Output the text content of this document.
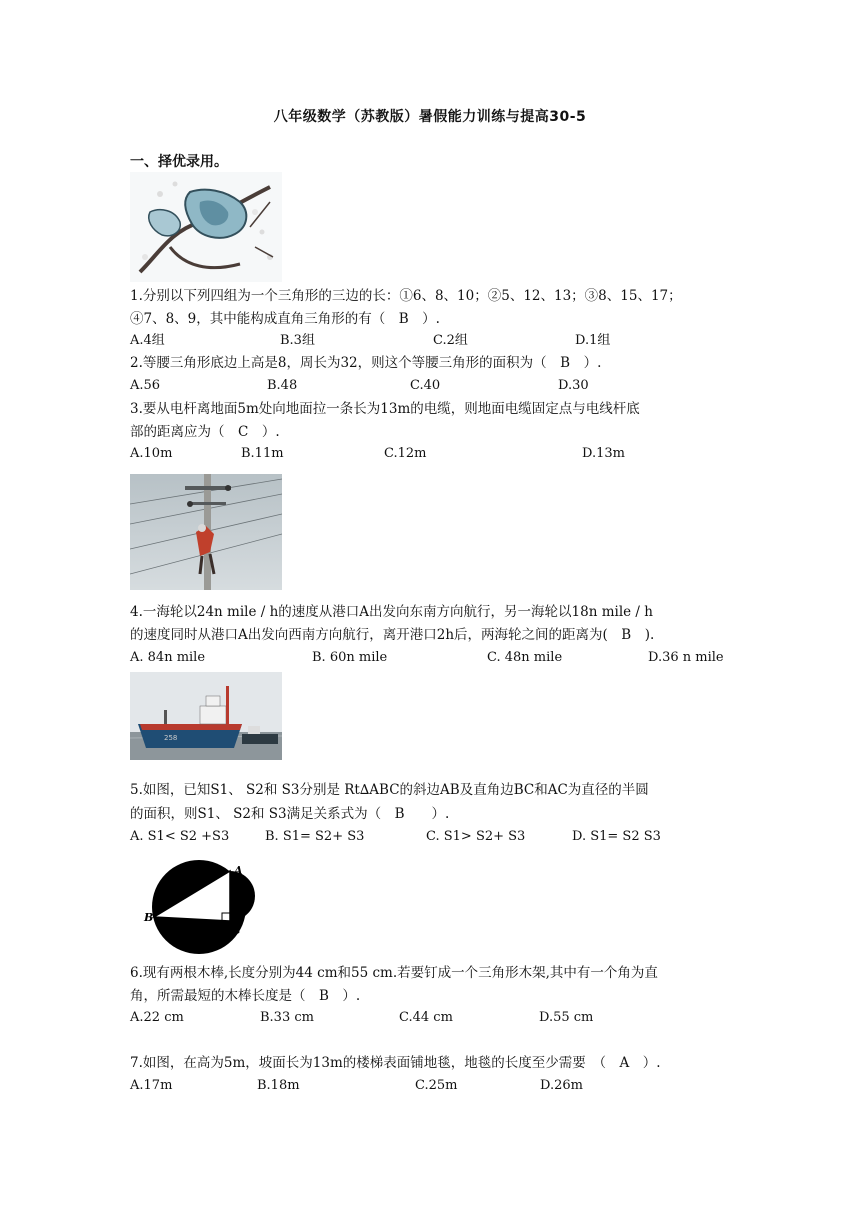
八年级数学（苏教版）暑假能力训练与提高30-5
一、择优录用。
1.分别以下列四组为一个三角形的三边的长：①6、8、10；②5、12、13；③8、15、17；
④7、8、9，其中能构成直角三角形的有（　B　）.
A.4组	B.3组	C.2组	D.1组
2.等腰三角形底边上高是8，周长为32，则这个等腰三角形的面积为（　B　）.
A.56	B.48	C.40	D.30
3.要从电杆离地面5m处向地面拉一条长为13m的电缆，则地面电缆固定点与电线杆底
部的距离应为（　C　）.
A.10m	B.11m	C.12m	D.13m
4.一海轮以24n mile / h的速度从港口A出发向东南方向航行，另一海轮以18n mile / h
的速度同时从港口A出发向西南方向航行，离开港口2h后，两海轮之间的距离为(　B　).
A. 84n mile	B. 60n mile	C. 48n mile	D.36 n mile
258
5.如图，已知S1、 S2和 S3分别是 Rt∆ABC的斜边AB及直角边BC和AC为直径的半圆
的面积，则S1、 S2和 S3满足关系式为（　B　　）.
A. S1< S2 +S3	B. S1= S2+ S3	C. S1> S2+ S3	D. S1= S2 S3
A
B
C
6.现有两根木棒,长度分别为44 cm和55 cm.若要钉成一个三角形木架,其中有一个角为直
角，所需最短的木棒长度是（　B　）.
A.22 cm	B.33 cm	C.44 cm	D.55 cm
7.如图，在高为5m，坡面长为13m的楼梯表面铺地毯，地毯的长度至少需要　（　A　）.
A.17m	B.18m	C.25m	D.26m
